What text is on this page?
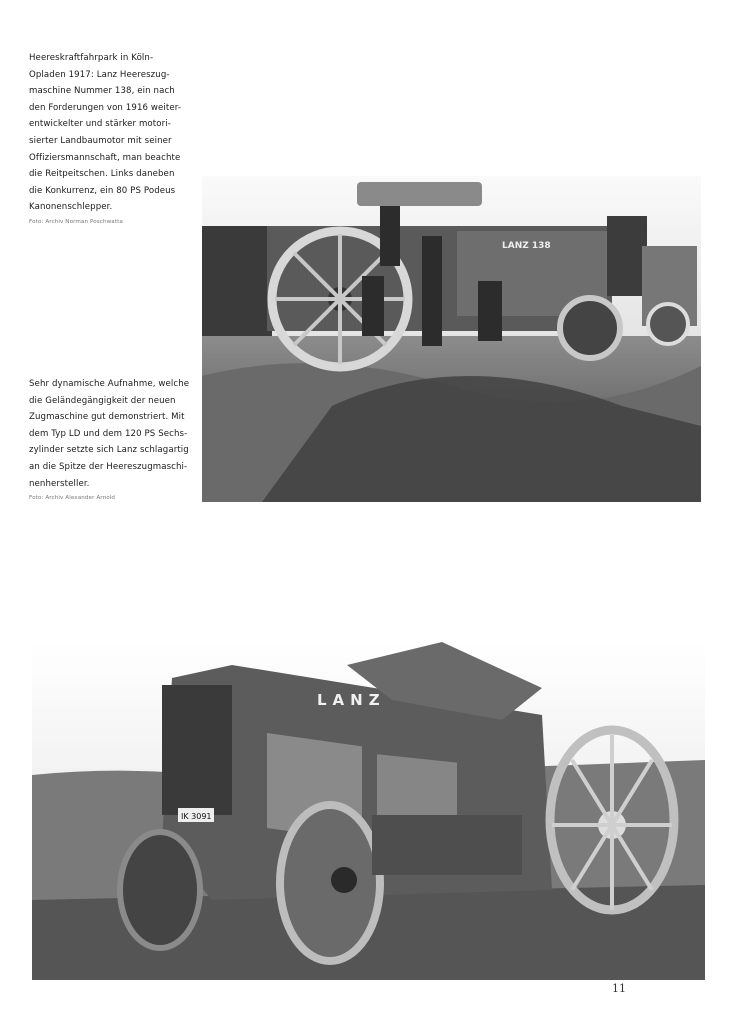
Heereskraftfahrpark in Köln-

Opladen 1917: Lanz Heereszug-

maschine Nummer 138, ein nach

den Forderungen von 1916 weiter-

entwickelter und stärker motori-

sierter Landbaumotor mit seiner

Offiziersmannschaft, man beachte

die Reitpeitschen. Links daneben

die Konkurrenz, ein 80 PS Podeus

Kanonenschlepper.

Foto: Archiv Norman Poschwatta

Sehr dynamische Aufnahme, welche

die Geländegängigkeit der neuen

Zugmaschine gut demonstriert. Mit

dem Typ LD und dem 120 PS Sechs-

zylinder setzte sich Lanz schlagartig

an die Spitze der Heereszugmaschi-

nenhersteller.

Foto: Archiv Alexander Arnold

LANZ 138
LANZ
IK 3091
11
